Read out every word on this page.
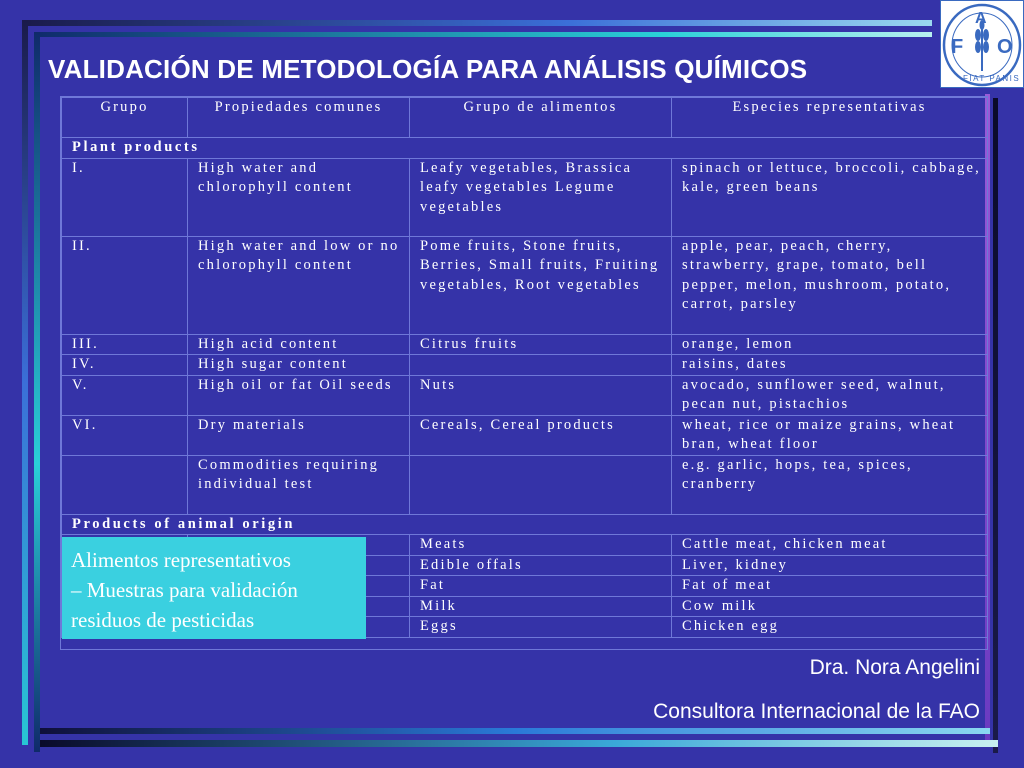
VALIDACIÓN DE METODOLOGÍA PARA ANÁLISIS QUÍMICOS
F
A
O
FIAT PANIS
Grupo	Propiedades comunes	Grupo de alimentos	Especies representativas
Plant products			
I.	High water and chlorophyll content	Leafy vegetables, Brassica leafy vegetables Legume vegetables	spinach or lettuce, broccoli, cabbage, kale, green beans
II.	High water and low or no chlorophyll content	Pome fruits, Stone fruits, Berries, Small fruits, Fruiting vegetables, Root vegetables	apple, pear, peach, cherry, strawberry, grape, tomato, bell pepper, melon, mushroom, potato, carrot, parsley
III.	High acid content	Citrus fruits	orange, lemon
IV.	High sugar content		raisins, dates
V.	High oil or fat Oil seeds	Nuts	avocado, sunflower seed, walnut, pecan nut, pistachios
VI.	Dry materials	Cereals, Cereal products	wheat, rice or maize grains, wheat bran, wheat floor
	Commodities requiring individual test		e.g. garlic, hops, tea, spices, cranberry
Products of animal origin			
		Meats	Cattle meat, chicken meat
		Edible offals	Liver, kidney
		Fat	Fat of meat
		Milk	Cow milk
		Eggs	Chicken egg
Alimentos representativos
– Muestras para validación
residuos de pesticidas
Dra. Nora Angelini
Consultora Internacional de la FAO
